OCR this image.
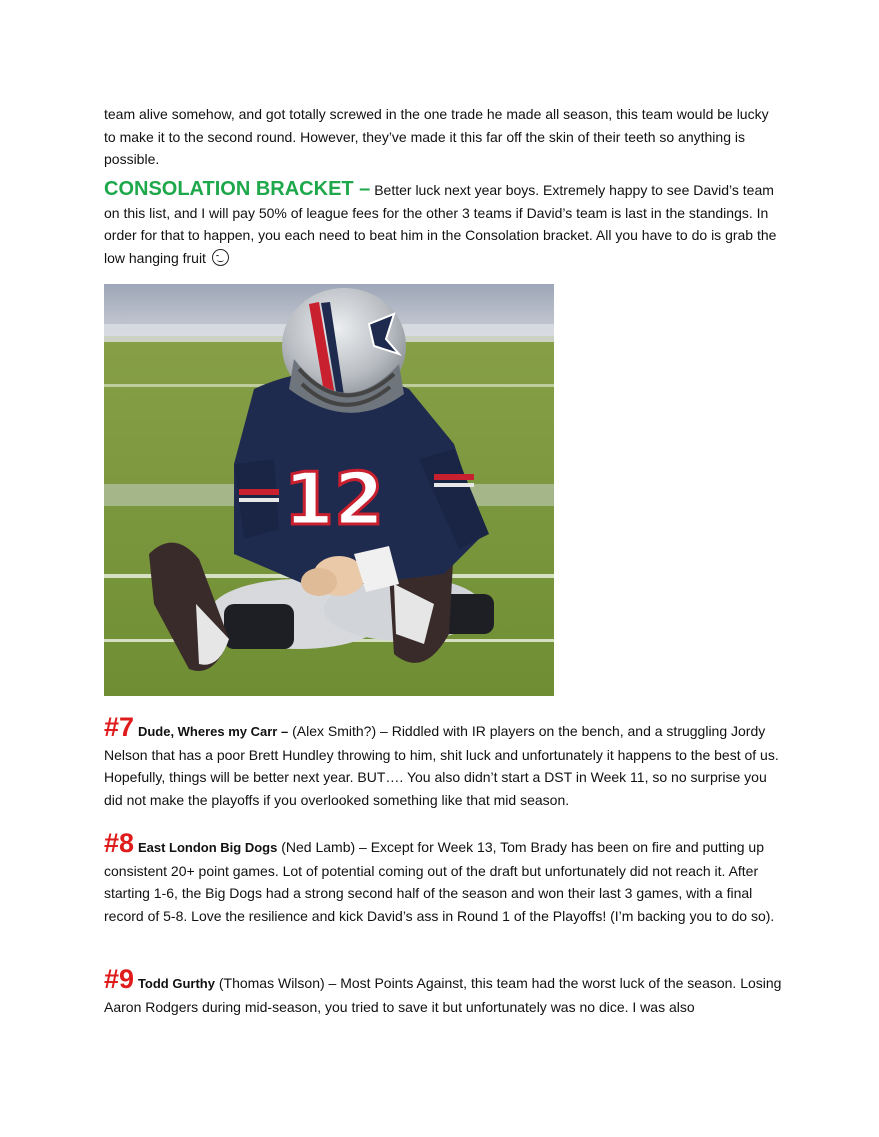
team alive somehow, and got totally screwed in the one trade he made all season, this team would be lucky to make it to the second round. However, they’ve made it this far off the skin of their teeth so anything is possible.

CONSOLATION BRACKET – Better luck next year boys. Extremely happy to see David’s team on this list, and I will pay 50% of league fees for the other 3 teams if David’s team is last in the standings. In order for that to happen, you each need to beat him in the Consolation bracket. All you have to do is grab the low hanging fruit

12

#7 Dude, Wheres my Carr – (Alex Smith?) – Riddled with IR players on the bench, and a struggling Jordy Nelson that has a poor Brett Hundley throwing to him, shit luck and unfortunately it happens to the best of us. Hopefully, things will be better next year. BUT…. You also didn’t start a DST in Week 11, so no surprise you did not make the playoffs if you overlooked something like that mid season.

#8 East London Big Dogs (Ned Lamb) – Except for Week 13, Tom Brady has been on fire and putting up consistent 20+ point games. Lot of potential coming out of the draft but unfortunately did not reach it. After starting 1-6, the Big Dogs had a strong second half of the season and won their last 3 games, with a final record of 5-8. Love the resilience and kick David’s ass in Round 1 of the Playoffs! (I’m backing you to do so).

#9 Todd Gurthy (Thomas Wilson) – Most Points Against, this team had the worst luck of the season. Losing Aaron Rodgers during mid-season, you tried to save it but unfortunately was no dice. I was also
